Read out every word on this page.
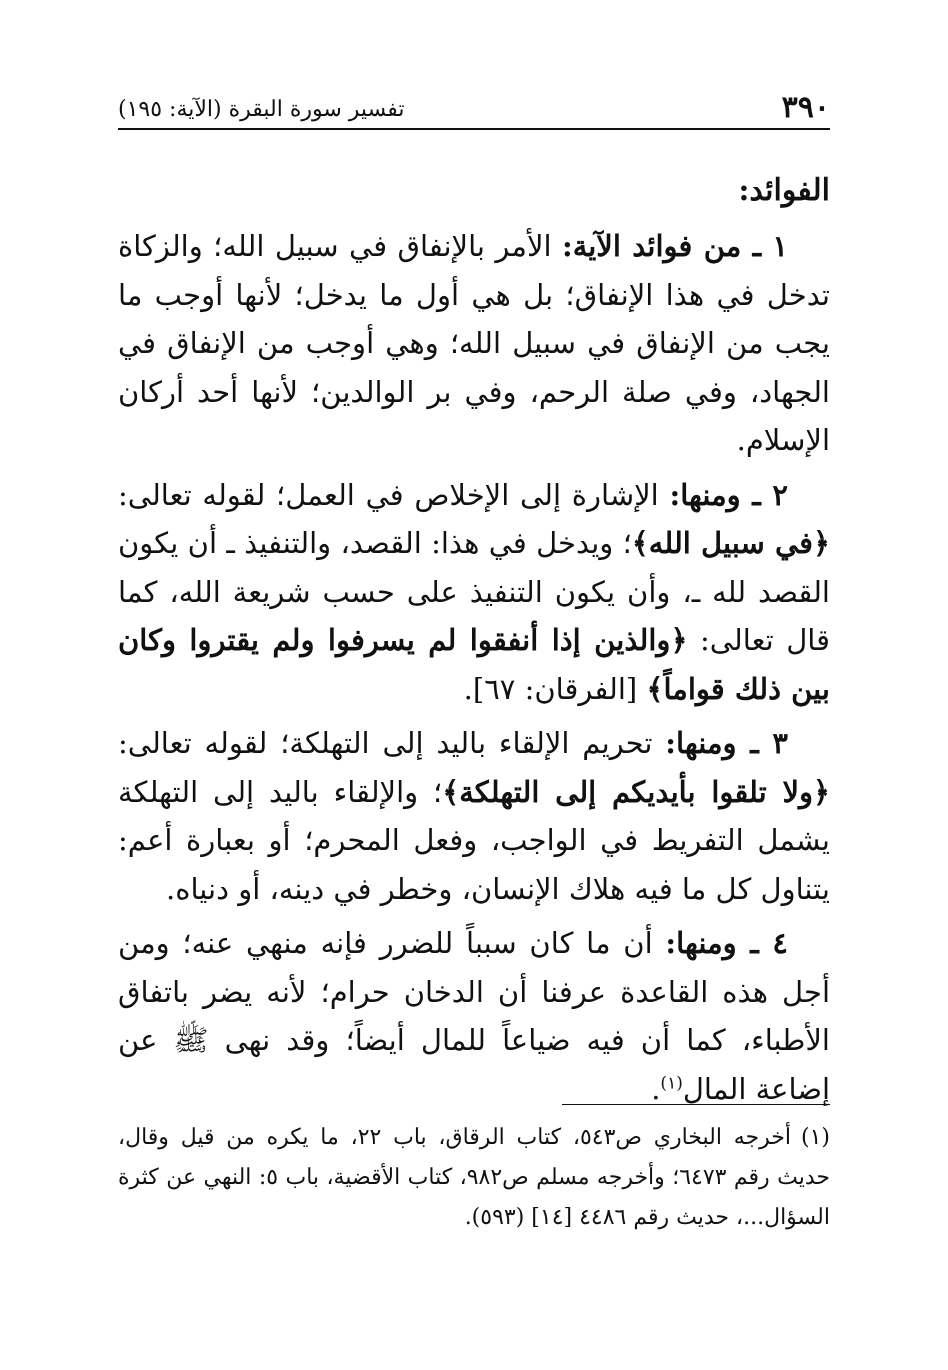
٣٩٠
تفسير سورة البقرة (الآية: ١٩٥)
الفوائد:

١ ـ من فوائد الآية: الأمر بالإنفاق في سبيل الله؛ والزكاة تدخل في هذا الإنفاق؛ بل هي أول ما يدخل؛ لأنها أوجب ما يجب من الإنفاق في سبيل الله؛ وهي أوجب من الإنفاق في الجهاد، وفي صلة الرحم، وفي بر الوالدين؛ لأنها أحد أركان الإسلام.

٢ ـ ومنها: الإشارة إلى الإخلاص في العمل؛ لقوله تعالى: ﴿في سبيل الله﴾؛ ويدخل في هذا: القصد، والتنفيذ ـ أن يكون القصد لله ـ، وأن يكون التنفيذ على حسب شريعة الله، كما قال تعالى: ﴿والذين إذا أنفقوا لم يسرفوا ولم يقتروا وكان بين ذلك قواماً﴾ [الفرقان: ٦٧].

٣ ـ ومنها: تحريم الإلقاء باليد إلى التهلكة؛ لقوله تعالى: ﴿ولا تلقوا بأيديكم إلى التهلكة﴾؛ والإلقاء باليد إلى التهلكة يشمل التفريط في الواجب، وفعل المحرم؛ أو بعبارة أعم: يتناول كل ما فيه هلاك الإنسان، وخطر في دينه، أو دنياه.

٤ ـ ومنها: أن ما كان سبباً للضرر فإنه منهي عنه؛ ومن أجل هذه القاعدة عرفنا أن الدخان حرام؛ لأنه يضر باتفاق الأطباء، كما أن فيه ضياعاً للمال أيضاً؛ وقد نهى ﷺ عن إضاعة المال$^{(١)}$.

(١)أخرجه البخاري ص٥٤٣، كتاب الرقاق، باب ٢٢، ما يكره من قيل وقال، حديث رقم ٦٤٧٣؛ وأخرجه مسلم ص٩٨٢، كتاب الأقضية، باب ٥: النهي عن كثرة السؤال...، حديث رقم ٤٤٨٦ [١٤] (٥٩٣).
